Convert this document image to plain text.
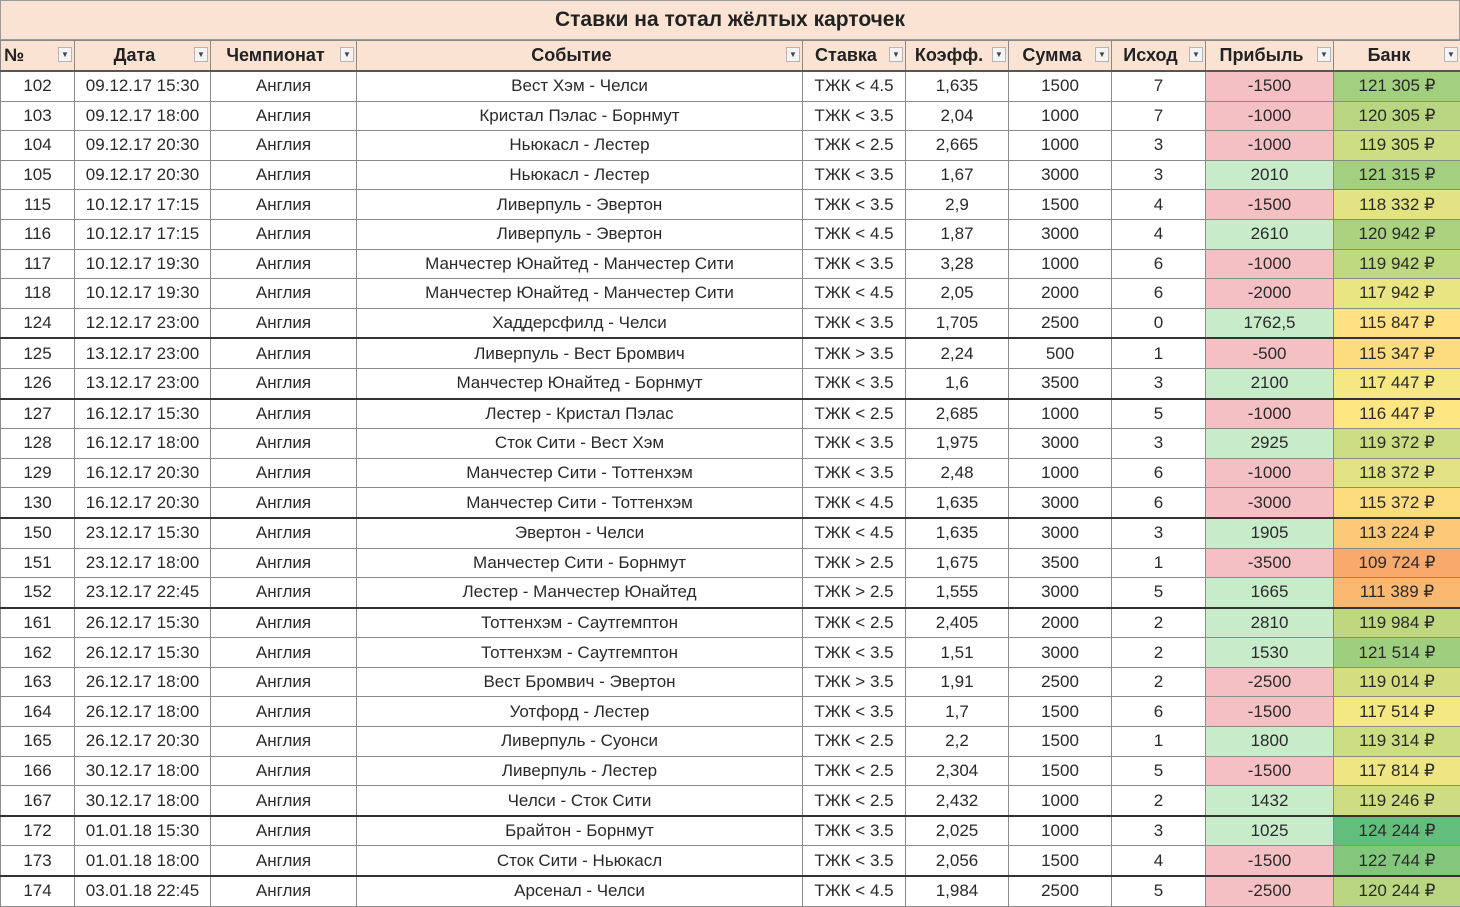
Ставки на тотал жёлтых карточек
№ ▼	Дата ▼	Чемпионат ▼	Событие ▼	Ставка ▼	Коэфф. ▼	Сумма ▼	Исход ▼	Прибыль ▼	Банк ▼

102	09.12.17 15:30	Англия	Вест Хэм - Челси	ТЖК < 4.5	1,635	1500	7	-1500	121 305 ₽
103	09.12.17 18:00	Англия	Кристал Пэлас - Борнмут	ТЖК < 3.5	2,04	1000	7	-1000	120 305 ₽
104	09.12.17 20:30	Англия	Ньюкасл - Лестер	ТЖК < 2.5	2,665	1000	3	-1000	119 305 ₽
105	09.12.17 20:30	Англия	Ньюкасл - Лестер	ТЖК < 3.5	1,67	3000	3	2010	121 315 ₽
115	10.12.17 17:15	Англия	Ливерпуль - Эвертон	ТЖК < 3.5	2,9	1500	4	-1500	118 332 ₽
116	10.12.17 17:15	Англия	Ливерпуль - Эвертон	ТЖК < 4.5	1,87	3000	4	2610	120 942 ₽
117	10.12.17 19:30	Англия	Манчестер Юнайтед - Манчестер Сити	ТЖК < 3.5	3,28	1000	6	-1000	119 942 ₽
118	10.12.17 19:30	Англия	Манчестер Юнайтед - Манчестер Сити	ТЖК < 4.5	2,05	2000	6	-2000	117 942 ₽
124	12.12.17 23:00	Англия	Хаддерсфилд - Челси	ТЖК < 3.5	1,705	2500	0	1762,5	115 847 ₽
125	13.12.17 23:00	Англия	Ливерпуль - Вест Бромвич	ТЖК > 3.5	2,24	500	1	-500	115 347 ₽
126	13.12.17 23:00	Англия	Манчестер Юнайтед - Борнмут	ТЖК < 3.5	1,6	3500	3	2100	117 447 ₽
127	16.12.17 15:30	Англия	Лестер - Кристал Пэлас	ТЖК < 2.5	2,685	1000	5	-1000	116 447 ₽
128	16.12.17 18:00	Англия	Сток Сити - Вест Хэм	ТЖК < 3.5	1,975	3000	3	2925	119 372 ₽
129	16.12.17 20:30	Англия	Манчестер Сити - Тоттенхэм	ТЖК < 3.5	2,48	1000	6	-1000	118 372 ₽
130	16.12.17 20:30	Англия	Манчестер Сити - Тоттенхэм	ТЖК < 4.5	1,635	3000	6	-3000	115 372 ₽
150	23.12.17 15:30	Англия	Эвертон - Челси	ТЖК < 4.5	1,635	3000	3	1905	113 224 ₽
151	23.12.17 18:00	Англия	Манчестер Сити - Борнмут	ТЖК > 2.5	1,675	3500	1	-3500	109 724 ₽
152	23.12.17 22:45	Англия	Лестер - Манчестер Юнайтед	ТЖК > 2.5	1,555	3000	5	1665	111 389 ₽
161	26.12.17 15:30	Англия	Тоттенхэм - Саутгемптон	ТЖК < 2.5	2,405	2000	2	2810	119 984 ₽
162	26.12.17 15:30	Англия	Тоттенхэм - Саутгемптон	ТЖК < 3.5	1,51	3000	2	1530	121 514 ₽
163	26.12.17 18:00	Англия	Вест Бромвич - Эвертон	ТЖК > 3.5	1,91	2500	2	-2500	119 014 ₽
164	26.12.17 18:00	Англия	Уотфорд - Лестер	ТЖК < 3.5	1,7	1500	6	-1500	117 514 ₽
165	26.12.17 20:30	Англия	Ливерпуль - Суонси	ТЖК < 2.5	2,2	1500	1	1800	119 314 ₽
166	30.12.17 18:00	Англия	Ливерпуль - Лестер	ТЖК < 2.5	2,304	1500	5	-1500	117 814 ₽
167	30.12.17 18:00	Англия	Челси - Сток Сити	ТЖК < 2.5	2,432	1000	2	1432	119 246 ₽
172	01.01.18 15:30	Англия	Брайтон - Борнмут	ТЖК < 3.5	2,025	1000	3	1025	124 244 ₽
173	01.01.18 18:00	Англия	Сток Сити - Ньюкасл	ТЖК < 3.5	2,056	1500	4	-1500	122 744 ₽
174	03.01.18 22:45	Англия	Арсенал - Челси	ТЖК < 4.5	1,984	2500	5	-2500	120 244 ₽
